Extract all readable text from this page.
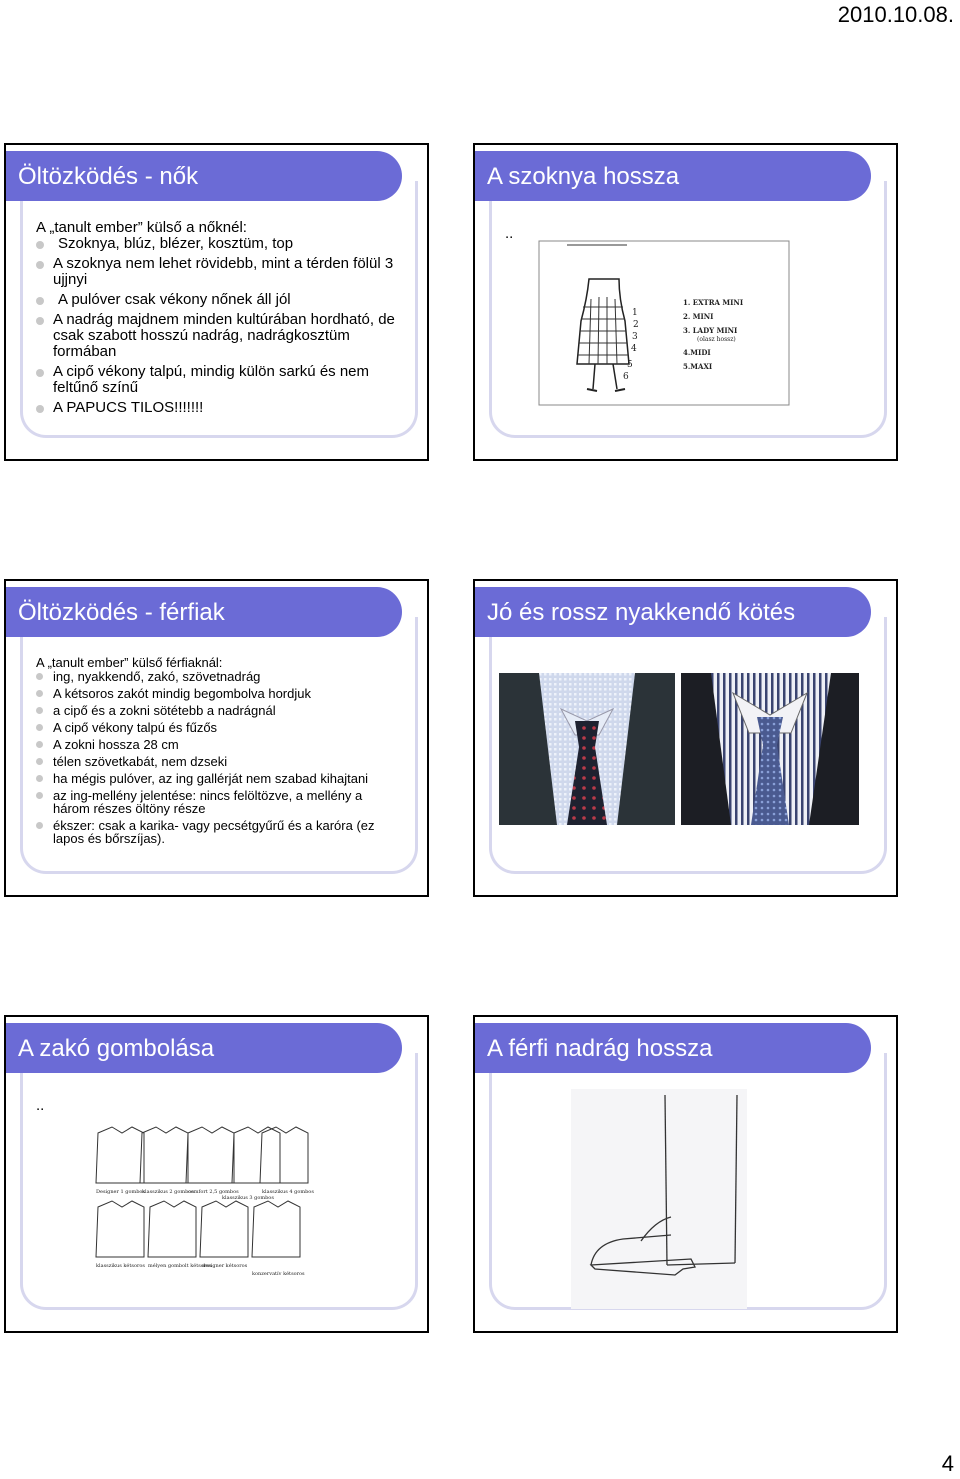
2010.10.08.
Öltözködés - nők
A „tanult ember” külső a nőknél:
Szoknya, blúz, blézer, kosztüm, top
A szoknya nem lehet rövidebb, mint a térden fölül 3 ujjnyi
A pulóver csak vékony nőnek áll jól
A nadrág majdnem minden kultúrában hordható, de csak szabott hosszú nadrág, nadrágkosztüm formában
A cipő vékony talpú, mindig külön sarkú és nem feltűnő színű
A PAPUCS TILOS!!!!!!!
A szoknya hossza
..
1
2
3
4
5
6
1. EXTRA MINI
2. MINI
3. LADY MINI
(olasz hossz)
4.MIDI
5.MAXI
Öltözködés - férfiak
A „tanult ember” külső férfiaknál:
ing, nyakkendő, zakó, szövetnadrág
A kétsoros zakót mindig begombolva hordjuk
a cipő és a zokni sötétebb a nadrágnál
A cipő vékony talpú és fűzős
A zokni hossza 28 cm
télen szövetkabát, nem dzseki
ha mégis pulóver, az ing gallérját nem szabad kihajtani
az ing-mellény jelentése: nincs felöltözve, a mellény a három részes öltöny része
ékszer: csak a karika- vagy pecsétgyűrű és a karóra (ez lapos és bőrszíjas).
Jó és rossz nyakkendő kötés
A zakó gombolása
..
Designer 1 gombos
klasszikus 2 gombos
comfort 2,5 gombos
klasszikus 3 gombos
klasszikus 4 gombos
klasszikus kétsoros mélyen gombolt kétsoros
designer kétsoros
konzervatív kétsoros
A férfi nadrág hossza
4
